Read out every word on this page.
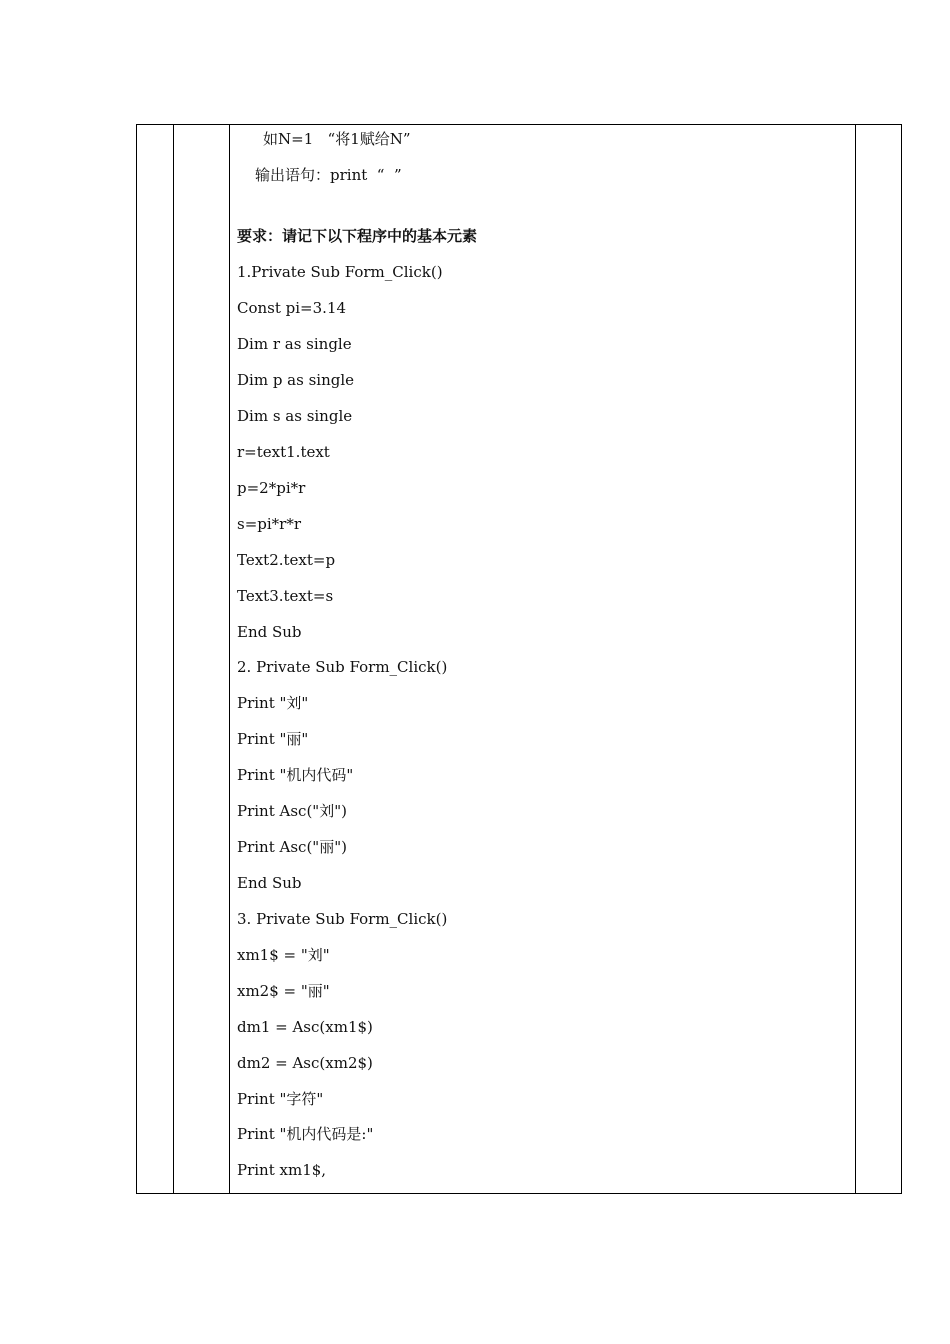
如N=1   “将1赋给N”
输出语句：print  “  ”
要求：请记下以下程序中的基本元素
1.Private Sub Form_Click()
Const pi=3.14
Dim r as single
Dim p as single
Dim s as single
r=text1.text
p=2*pi*r
s=pi*r*r
Text2.text=p
Text3.text=s
End Sub
2. Private Sub Form_Click()
Print "刘"
Print "丽"
Print "机内代码"
Print Asc("刘")
Print Asc("丽")
End Sub
3. Private Sub Form_Click()
xm1$ = "刘"
xm2$ = "丽"
dm1 = Asc(xm1$)
dm2 = Asc(xm2$)
Print "字符"
Print "机内代码是:"
Print xm1$,
